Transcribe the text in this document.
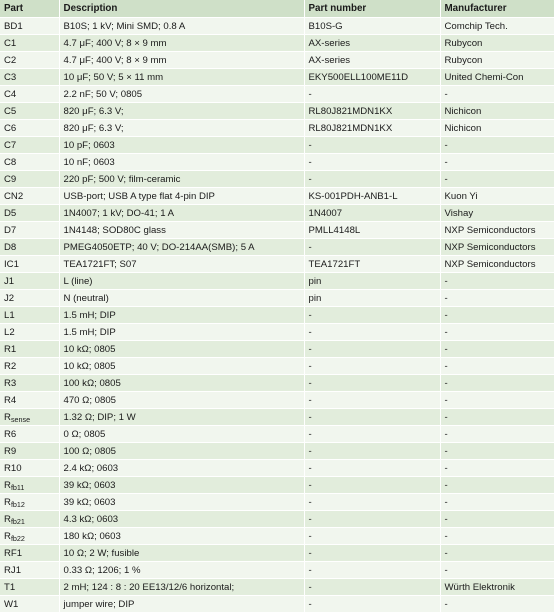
Part	Description	Part number	Manufacturer
BD1	B10S; 1 kV; Mini SMD; 0.8 A	B10S-G	Comchip Tech.
C1	4.7 μF; 400 V; 8 × 9 mm	AX-series	Rubycon
C2	4.7 μF; 400 V; 8 × 9 mm	AX-series	Rubycon
C3	10 μF; 50 V; 5 × 11 mm	EKY500ELL100ME11D	United Chemi-Con
C4	2.2 nF; 50 V; 0805	-	-
C5	820 μF; 6.3 V;	RL80J821MDN1KX	Nichicon
C6	820 μF; 6.3 V;	RL80J821MDN1KX	Nichicon
C7	10 pF; 0603	-	-
C8	10 nF; 0603	-	-
C9	220 pF; 500 V; film-ceramic	-	-
CN2	USB-port; USB A type flat 4-pin DIP	KS-001PDH-ANB1-L	Kuon Yi
D5	1N4007; 1 kV; DO-41; 1 A	1N4007	Vishay
D7	1N4148; SOD80C glass	PMLL4148L	NXP Semiconductors
D8	PMEG4050ETP; 40 V; DO-214AA(SMB); 5 A	-	NXP Semiconductors
IC1	TEA1721FT; S07	TEA1721FT	NXP Semiconductors
J1	L (line)	pin	-
J2	N (neutral)	pin	-
L1	1.5 mH; DIP	-	-
L2	1.5 mH; DIP	-	-
R1	10 kΩ; 0805	-	-
R2	10 kΩ; 0805	-	-
R3	100 kΩ; 0805	-	-
R4	470 Ω; 0805	-	-
$R_{sense}$	1.32 Ω; DIP; 1 W	-	-
R6	0 Ω; 0805	-	-
R9	100 Ω; 0805	-	-
R10	2.4 kΩ; 0603	-	-
$R_{fb11}$	39 kΩ; 0603	-	-
$R_{fb12}$	39 kΩ; 0603	-	-
$R_{fb21}$	4.3 kΩ; 0603	-	-
$R_{fb22}$	180 kΩ; 0603	-	-
RF1	10 Ω; 2 W; fusible	-	-
RJ1	0.33 Ω; 1206; 1 %	-	-
T1	2 mH; 124 : 8 : 20 EE13/12/6 horizontal;	-	Würth Elektronik
W1	jumper wire; DIP	-	-
